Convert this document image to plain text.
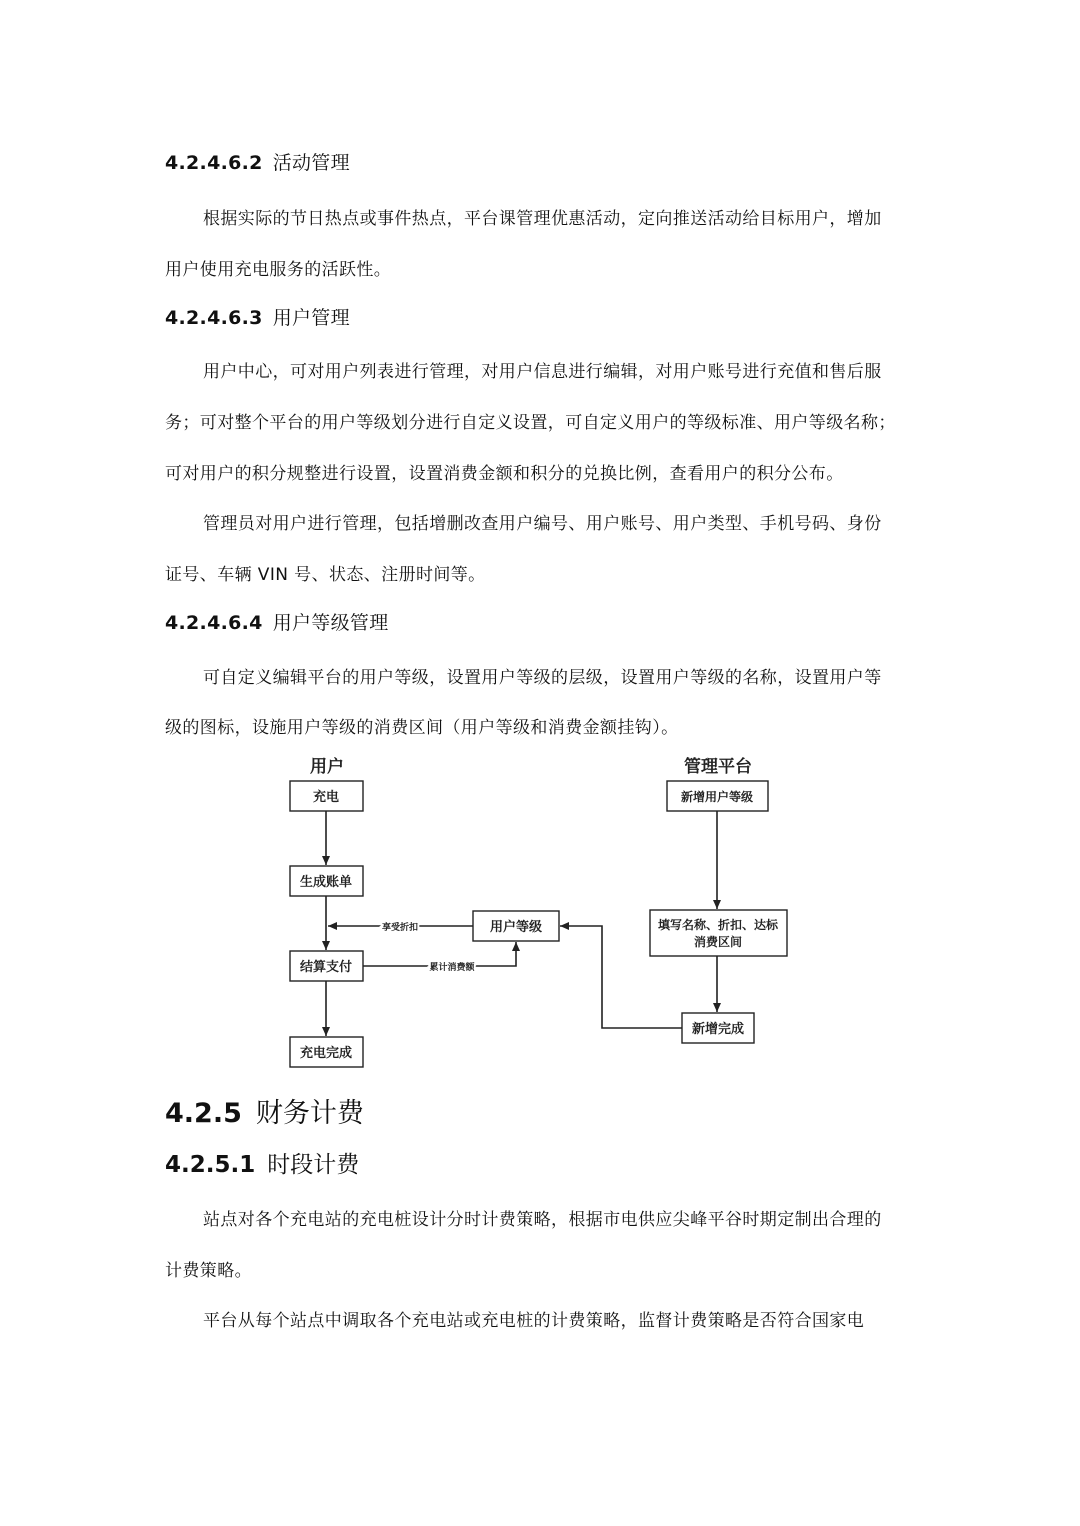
4.2.4.6.2 活动管理
根据实际的节日热点或事件热点，平台课管理优惠活动，定向推送活动给目标用户，增加
用户使用充电服务的活跃性。
4.2.4.6.3 用户管理
用户中心，可对用户列表进行管理，对用户信息进行编辑，对用户账号进行充值和售后服
务；可对整个平台的用户等级划分进行自定义设置，可自定义用户的等级标准、用户等级名称；
可对用户的积分规整进行设置，设置消费金额和积分的兑换比例，查看用户的积分公布。
管理员对用户进行管理，包括增删改查用户编号、用户账号、用户类型、手机号码、身份
证号、车辆 VIN 号、状态、注册时间等。
4.2.4.6.4 用户等级管理
可自定义编辑平台的用户等级，设置用户等级的层级，设置用户等级的名称，设置用户等
级的图标，设施用户等级的消费区间（用户等级和消费金额挂钩）。
用户	管理平台
充电
生成账单
结算支付
充电完成
用户等级
新增用户等级
填写名称、折扣、达标
消费区间
新增完成
享受折扣
累计消费额
4.2.5 财务计费
4.2.5.1 时段计费
站点对各个充电站的充电桩设计分时计费策略，根据市电供应尖峰平谷时期定制出合理的
计费策略。
平台从每个站点中调取各个充电站或充电桩的计费策略，监督计费策略是否符合国家电
